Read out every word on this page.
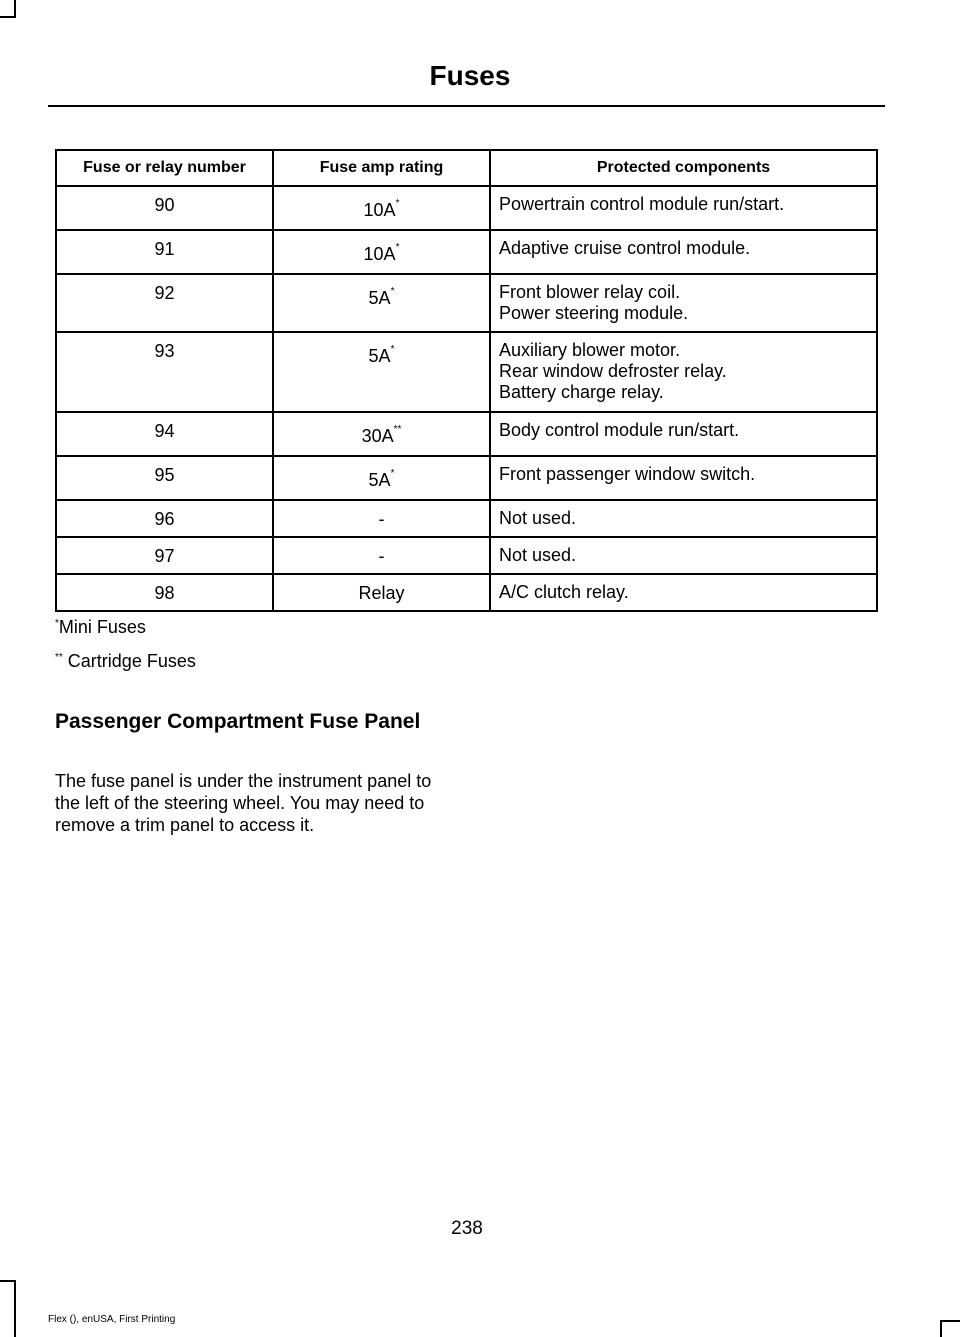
Fuses
Fuse or relay number	Fuse amp rating	Protected components
90	10A*	Powertrain control module run/start.

91	10A*	Adaptive cruise control module.

92	5A*	Front blower relay coil.
Power steering module.

93	5A*	Auxiliary blower motor.
Rear window defroster relay.
Battery charge relay.

94	30A**	Body control module run/start.

95	5A*	Front passenger window switch.

96	-	Not used.

97	-	Not used.

98	Relay	A/C clutch relay.
*Mini Fuses
** Cartridge Fuses
Passenger Compartment Fuse Panel
The fuse panel is under the instrument panel to the left of the steering wheel. You may need to remove a trim panel to access it.
238
Flex (), enUSA, First Printing
